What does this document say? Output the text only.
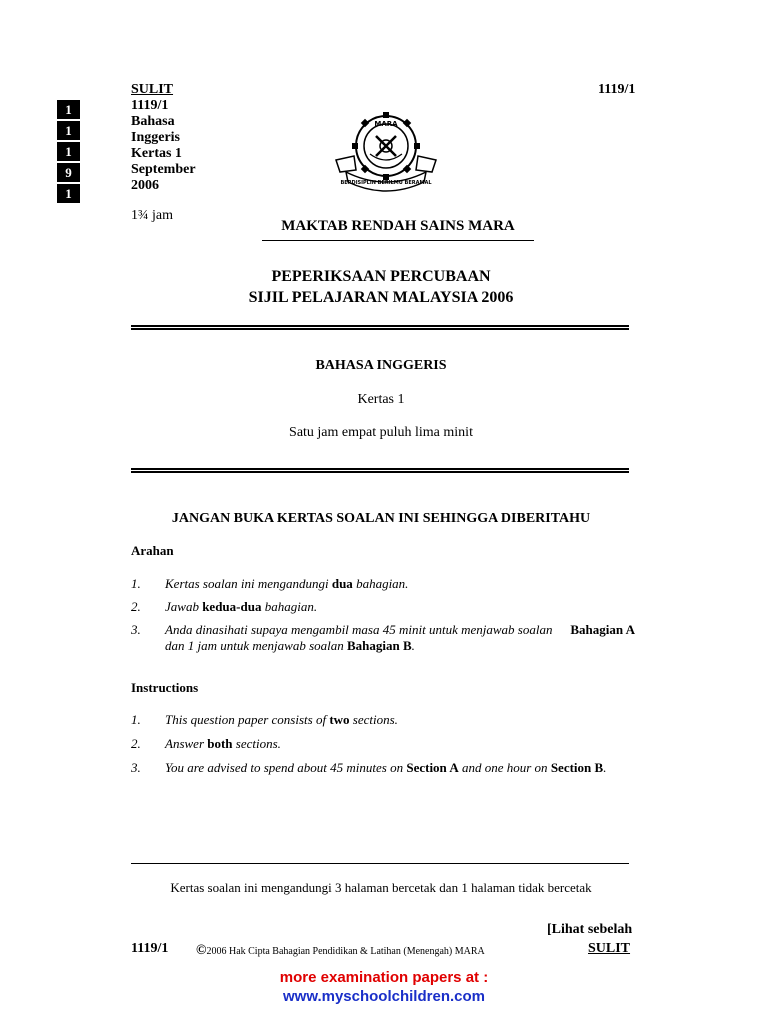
1
1
1
9
1
SULIT
1119/1
Bahasa
Inggeris
Kertas 1
September
2006
1119/1
1¾ jam
MARA
BERDISIPLIN BERILMU BERAMAL
MAKTAB RENDAH SAINS MARA
PEPERIKSAAN PERCUBAAN
SIJIL PELAJARAN MALAYSIA 2006
BAHASA INGGERIS
Kertas 1
Satu jam empat puluh lima minit
JANGAN BUKA KERTAS SOALAN INI SEHINGGA DIBERITAHU
Arahan
1. Kertas soalan ini mengandungi dua bahagian.
2. Jawab kedua-dua bahagian.
3. Anda dinasihati supaya mengambil masa 45 minit untuk menjawab soalan Bahagian A

dan 1 jam untuk menjawab soalan Bahagian B.
Instructions
1. This question paper consists of two sections.
2. Answer both sections.
3. You are advised to spend about 45 minutes on Section A and one hour on Section B.
Kertas soalan ini mengandungi 3 halaman bercetak dan 1 halaman tidak bercetak
[Lihat sebelah
1119/1 ©2006 Hak Cipta Bahagian Pendidikan & Latihan (Menengah) MARA	SULIT
more examination papers at :
www.myschoolchildren.com
